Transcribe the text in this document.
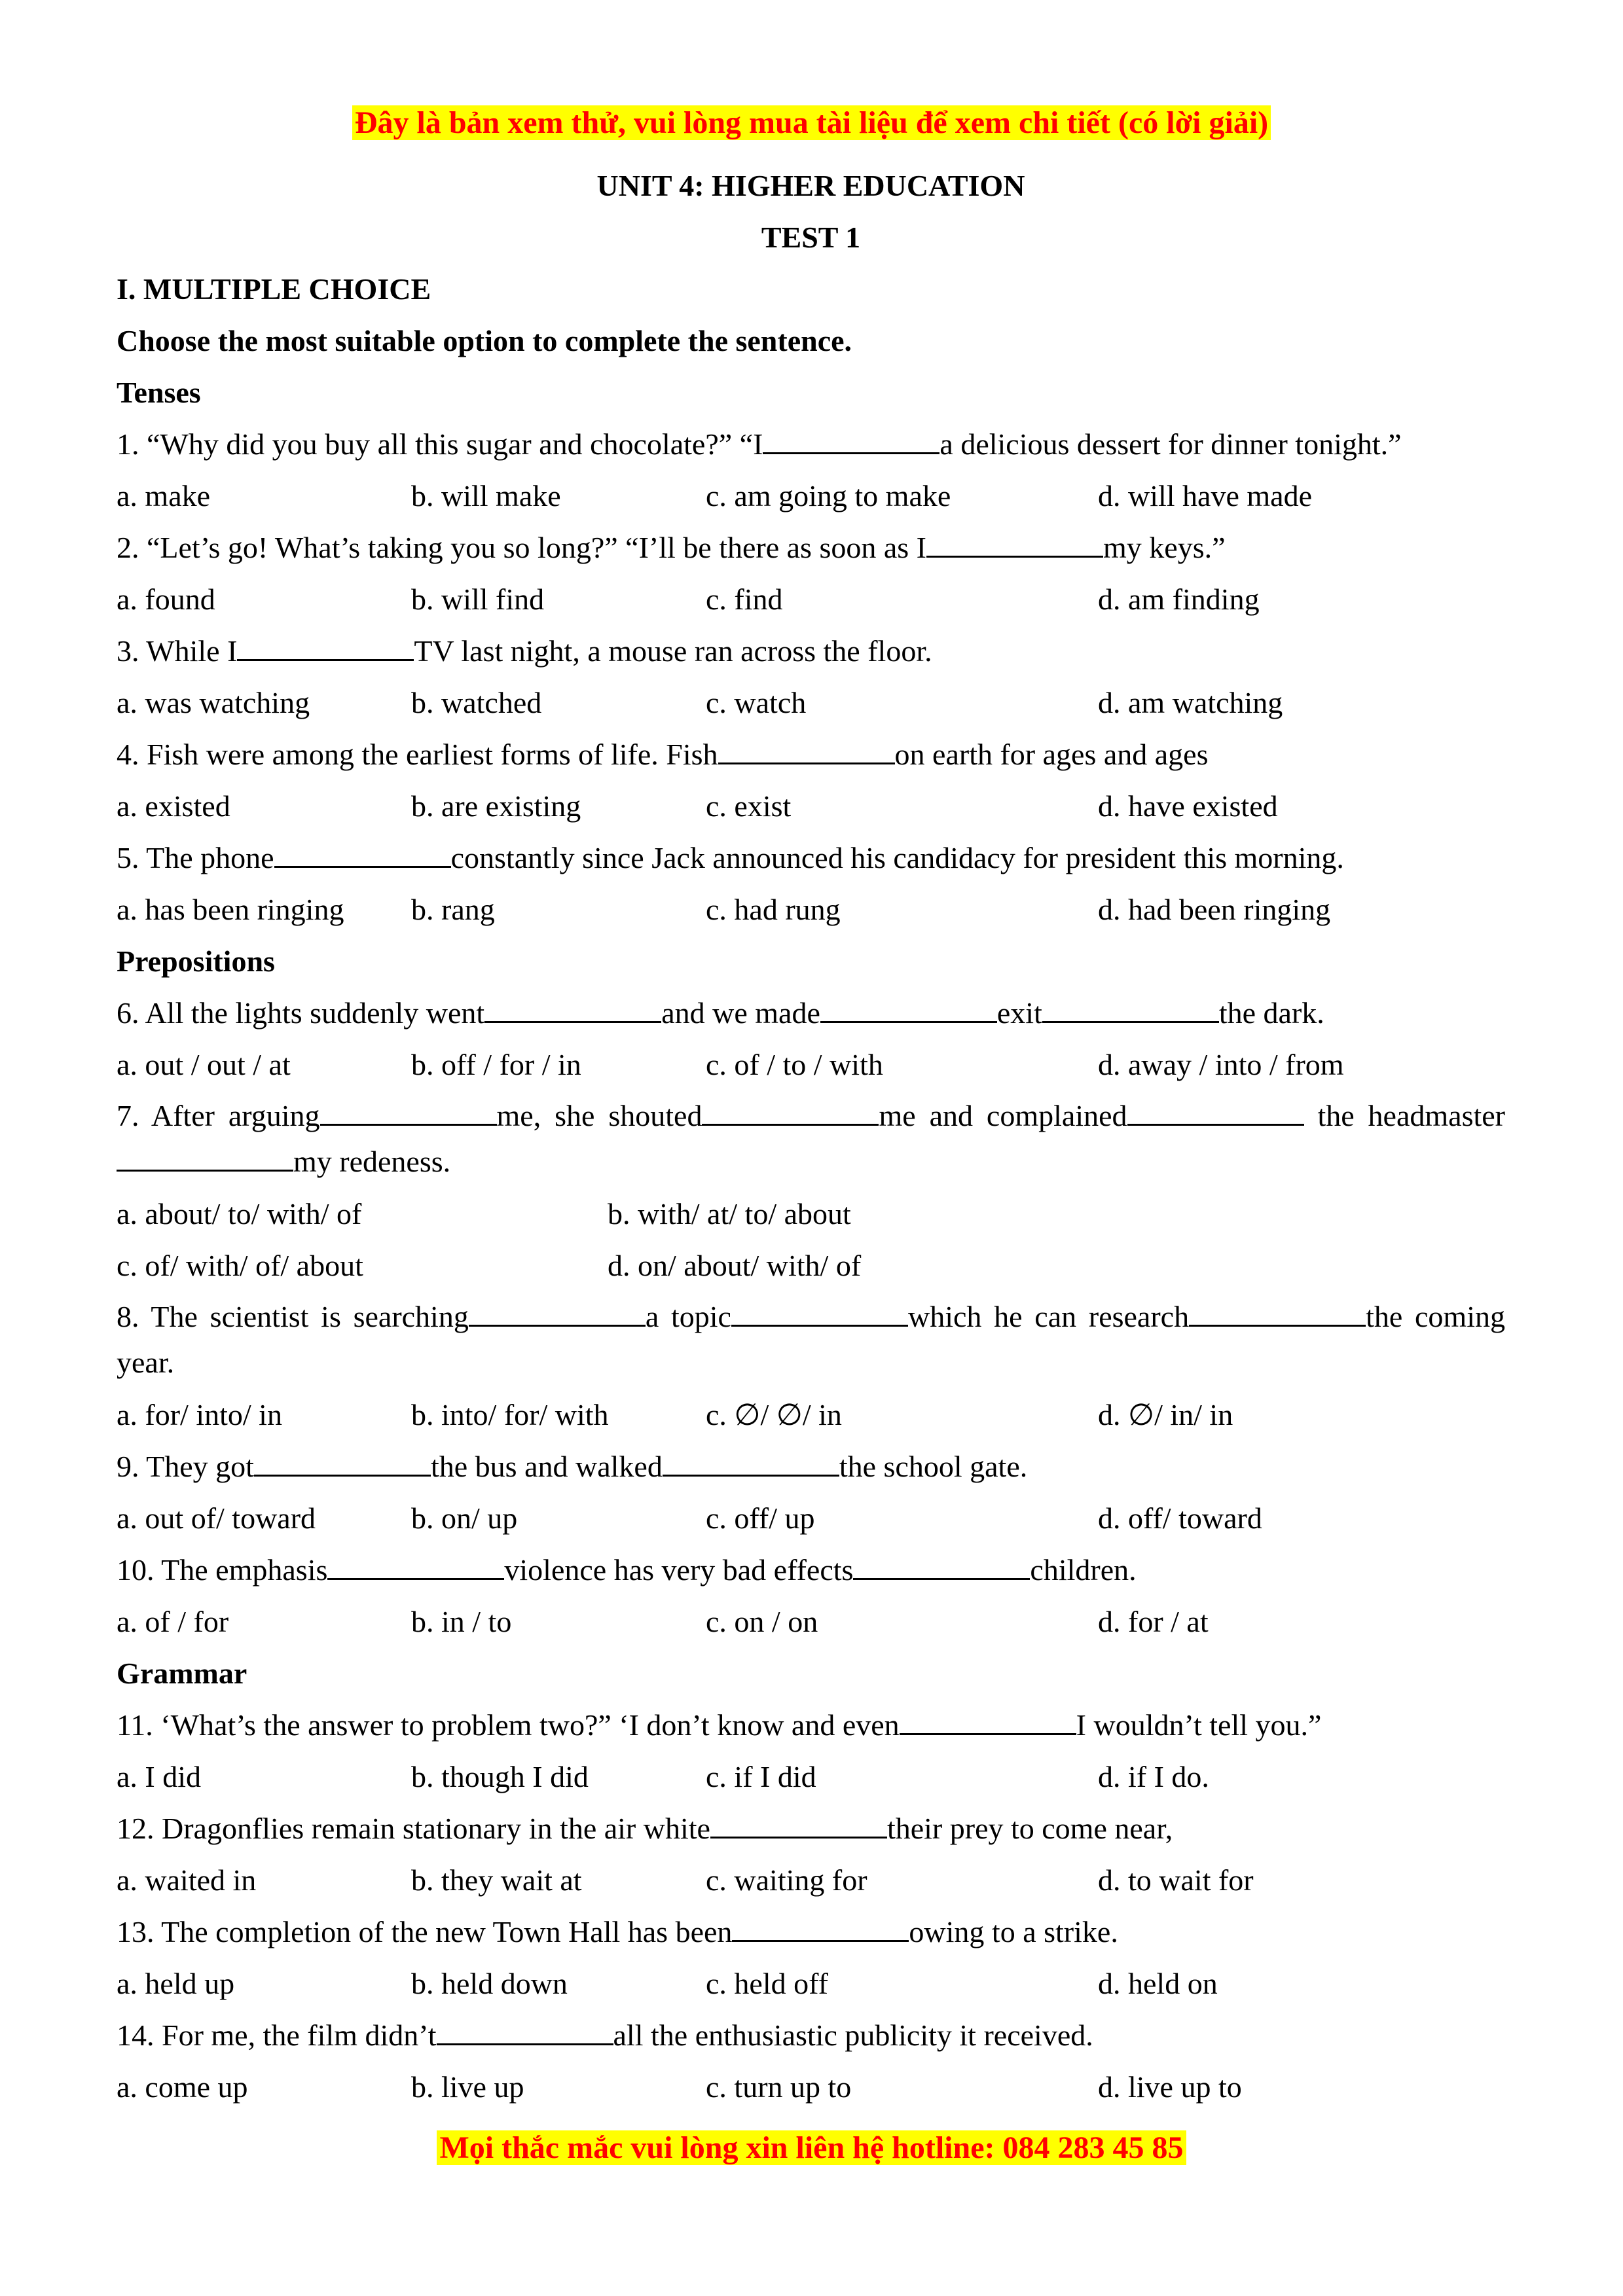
Đây là bản xem thử, vui lòng mua tài liệu để xem chi tiết (có lời giải)
UNIT 4: HIGHER EDUCATION
TEST 1
I. MULTIPLE CHOICE
Choose the most suitable option to complete the sentence.
Tenses
1. “Why did you buy all this sugar and chocolate?” “I	a delicious dessert for dinner tonight.”
a. make	b. will make	c. am going to make	d. will have made
2. “Let’s go! What’s taking you so long?” “I’ll be there as soon as I	my keys.”
a. found	b. will find	c. find	d. am finding
3. While I	TV last night, a mouse ran across the floor.
a. was watching	b. watched	c. watch	d. am watching
4. Fish were among the earliest forms of life. Fish	on earth for ages and ages
a. existed	b. are existing	c. exist	d. have existed
5. The phone	constantly since Jack announced his candidacy for president this morning.
a. has been ringing b. rang	c. had rung	d. had been ringing
Prepositions
6. All the lights suddenly went	and we made	exit	the dark.
a. out / out / at	b. off / for / in	c. of / to / with	d. away / into / from
7. After arguing	me, she shouted	me and complained	the headmastermy redeness.
a. about/ to/ with/ of	b. with/ at/ to/ about
c. of/ with/ of/ about	d. on/ about/ with/ of
8. The scientist is searching	a topic	which he can research	the coming year.
a. for/ into/ in	b. into/ for/ with	c. ∅/ ∅/ in	d. ∅/ in/ in
9. They got	the bus and walked	the school gate.
a. out of/ toward	b. on/ up	c. off/ up	d. off/ toward
10. The emphasis	violence has very bad effects	children.
a. of / for	b. in / to	c. on / on	d. for / at
Grammar
11. ‘What’s the answer to problem two?” ‘I don’t know and even	I wouldn’t tell you.”
a. I did	b. though I did	c. if I did	d. if I do.
12. Dragonflies remain stationary in the air white	their prey to come near,
a. waited in	b. they wait at	c. waiting for	d. to wait for
13. The completion of the new Town Hall has been	owing to a strike.
a. held up	b. held down	c. held off	d. held on
14. For me, the film didn’t	all the enthusiastic publicity it received.
a. come up	b. live up	c. turn up to	d. live up to
Mọi thắc mắc vui lòng xin liên hệ hotline: 084 283 45 85
